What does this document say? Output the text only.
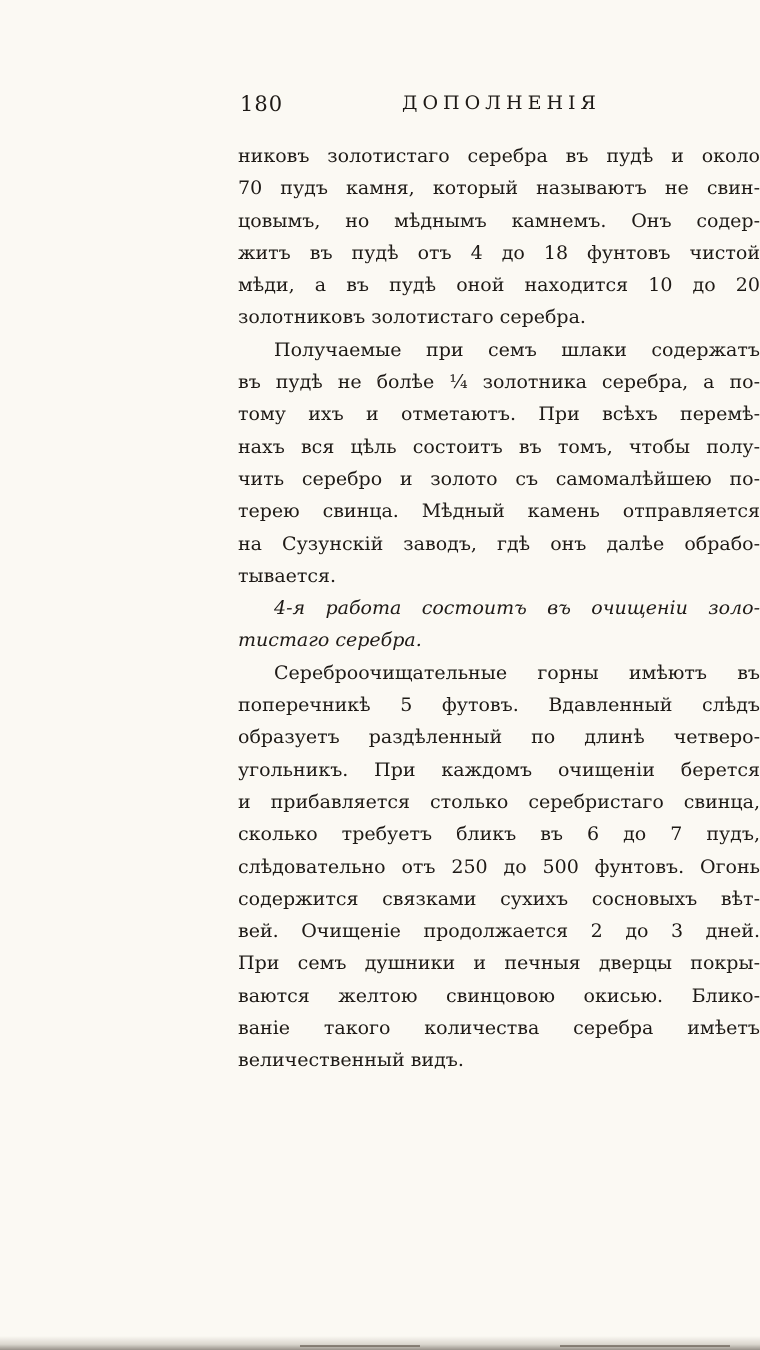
180	ДОПОЛНЕНІЯ
никовъ золотистаго серебра въ пудѣ и около
70 пудъ камня, который называютъ не свин-
цовымъ, но мѣднымъ камнемъ. Онъ содер-
житъ въ пудѣ отъ 4 до 18 фунтовъ чистой
мѣди, а въ пудѣ оной находится 10 до 20
золотниковъ золотистаго серебра.
Получаемые при семъ шлаки содержатъ
въ пудѣ не болѣе ¼ золотника серебра, а по-
тому ихъ и отметаютъ. При всѣхъ перемѣ-
нахъ вся цѣль состоитъ въ томъ, чтобы полу-
чить серебро и золото съ самомалѣйшею по-
терею свинца. Мѣдный камень отправляется
на Сузунскій заводъ, гдѣ онъ далѣе обрабо-
тывается.
4-я работа состоитъ въ очищеніи золо-
тистаго серебра.
Сереброочищательные горны имѣютъ въ
поперечникѣ 5 футовъ. Вдавленный слѣдъ
образуетъ раздѣленный по длинѣ четверо-
угольникъ. При каждомъ очищеніи берется
и прибавляется столько серебристаго свинца,
сколько требуетъ бликъ въ 6 до 7 пудъ,
слѣдовательно отъ 250 до 500 фунтовъ. Огонь
содержится связками сухихъ сосновыхъ вѣт-
вей. Очищеніе продолжается 2 до 3 дней.
При семъ душники и печныя дверцы покры-
ваются желтою свинцовою окисью. Блико-
ваніе такого количества серебра имѣетъ
величественный видъ.
